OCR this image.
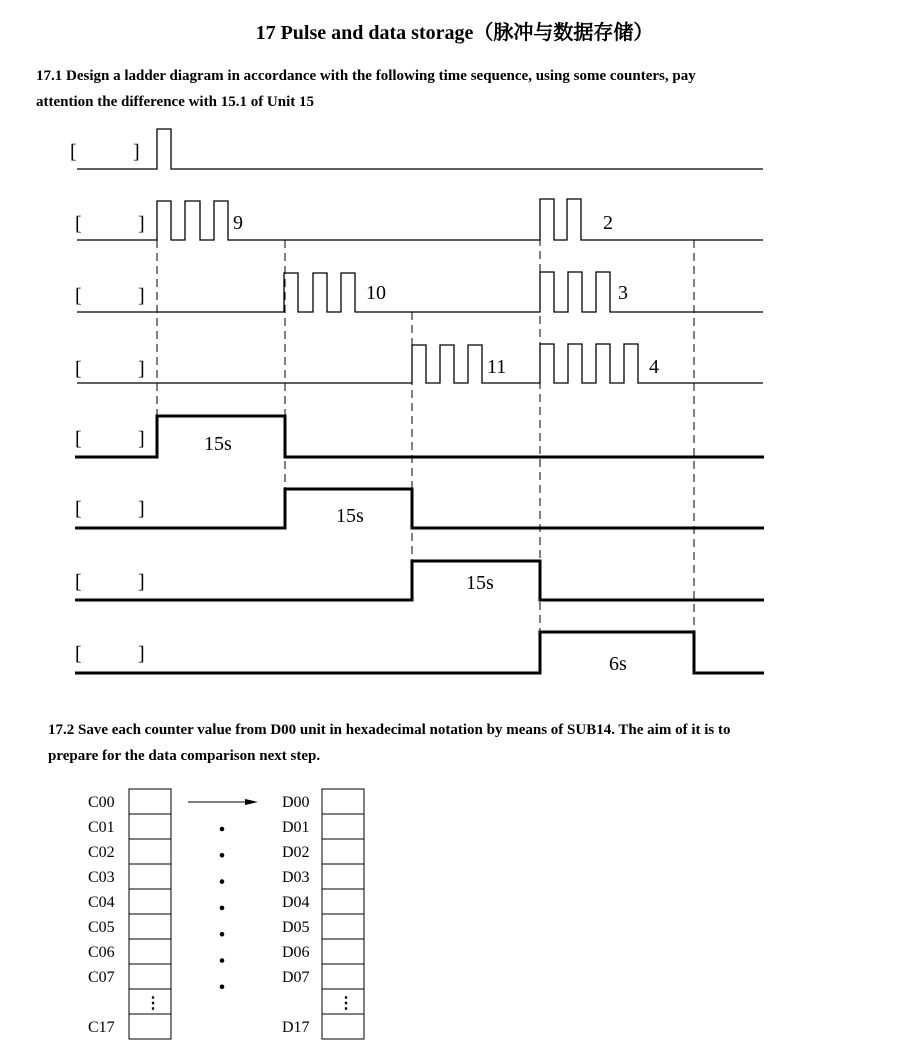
17 Pulse and data storage（脉冲与数据存储）
17.1 Design a ladder diagram in accordance with the following time sequence, using some counters, pay
attention the difference with 15.1 of Unit 15
17.2 Save each counter value from D00 unit in hexadecimal notation by means of SUB14. The aim of it is to
prepare for the data comparison next step.
[	]
[	]
[	]
[	]
[	]
[	]
[	]
[	]
9	2
10	3
11	4
15s
15s
15s
6s
C00	D00
C01	D01
C02	D02
C03	D03
C04	D04
C05	D05
C06	D06
C07	D07
⋮	⋮
C17	D17
